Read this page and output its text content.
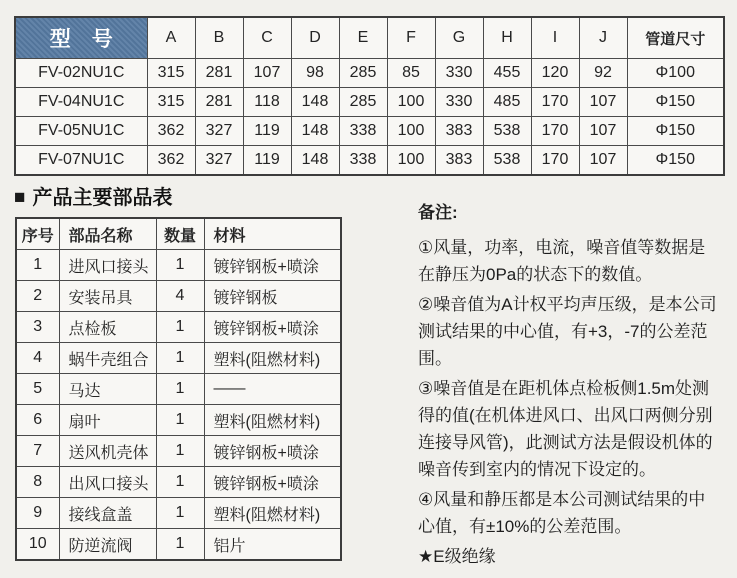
型　号	A	B	C	D	E	F	G	H	I	J	管道尺寸
FV-02NU1C	315	281	107	98	285	85	330	455	120	92	Φ100
FV-04NU1C	315	281	118	148	285	100	330	485	170	107	Φ150
FV-05NU1C	362	327	119	148	338	100	383	538	170	107	Φ150
FV-07NU1C	362	327	119	148	338	100	383	538	170	107	Φ150
■ 产品主要部品表
序号	部品名称	数量	材料
1	进风口接头	1	镀锌钢板+喷涂
2	安装吊具	4	镀锌钢板
3	点检板	1	镀锌钢板+喷涂
4	蜗牛壳组合	1	塑料(阻燃材料)
5	马达	1	——
6	扇叶	1	塑料(阻燃材料)
7	送风机壳体	1	镀锌钢板+喷涂
8	出风口接头	1	镀锌钢板+喷涂
9	接线盒盖	1	塑料(阻燃材料)
10	防逆流阀	1	铝片
备注:

①风量，功率，电流，噪音值等数据是在静压为0Pa的状态下的数值。

②噪音值为A计权平均声压级，是本公司测试结果的中心值，有+3，-7的公差范围。

③噪音值是在距机体点检板侧1.5m处测得的值(在机体进风口、出风口两侧分别连接导风管)，此测试方法是假设机体的噪音传到室内的情况下设定的。

④风量和静压都是本公司测试结果的中心值，有±10%的公差范围。

★E级绝缘
